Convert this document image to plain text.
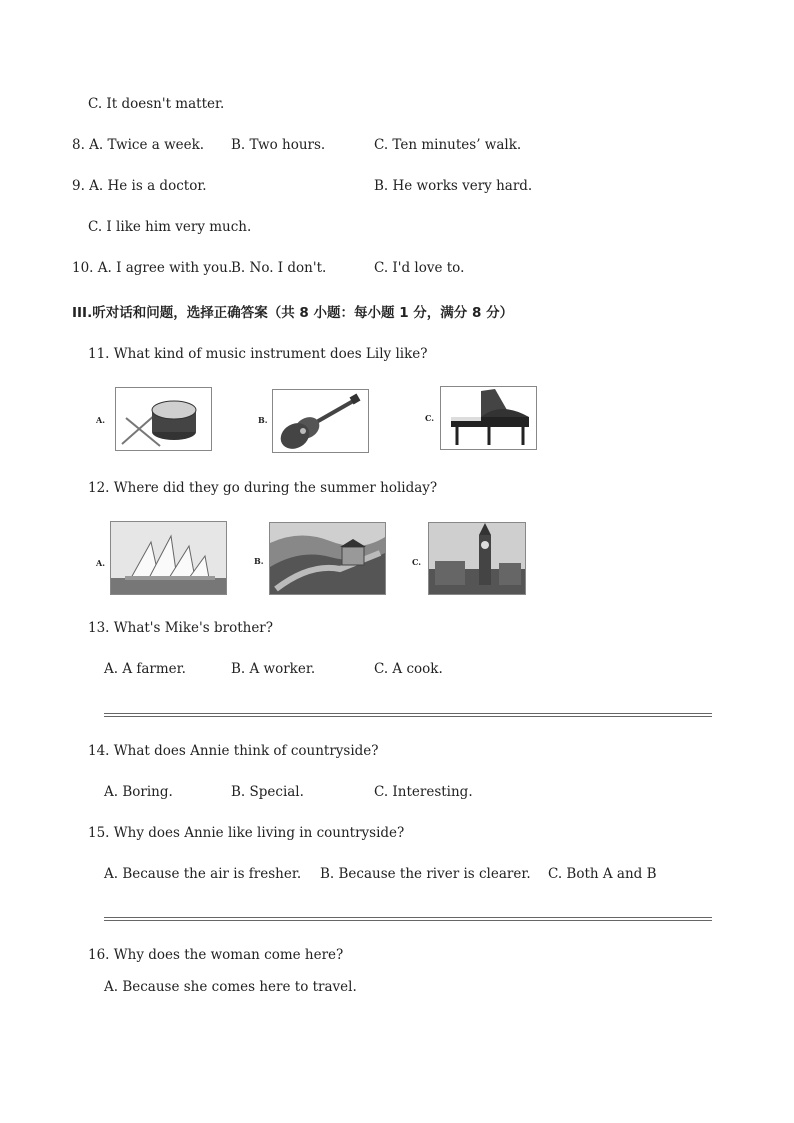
C. It doesn't matter.
8. A. Twice a week. B. Two hours.	C. Ten minutes’ walk.
9. A. He is a doctor.	B. He works very hard.
C. I like him very much.
10. A. I agree with you.
B. No. I don't.	C. I'd love to.
III.听对话和问题，选择正确答案（共 8 小题：每小题 1 分，满分 8 分）
11. What kind of music instrument does Lily like?
A.	B.	C.
12. Where did they go during the summer holiday?
A.	B.	C.
13. What's Mike's brother?
A. A farmer.	B. A worker.	C. A cook.
14. What does Annie think of countryside?
A. Boring.	B. Special.	C. Interesting.
15. Why does Annie like living in countryside?
A. Because the air is fresher. B. Because the river is clearer. C. Both A and B
16. Why does the woman come here?
A. Because she comes here to travel.
